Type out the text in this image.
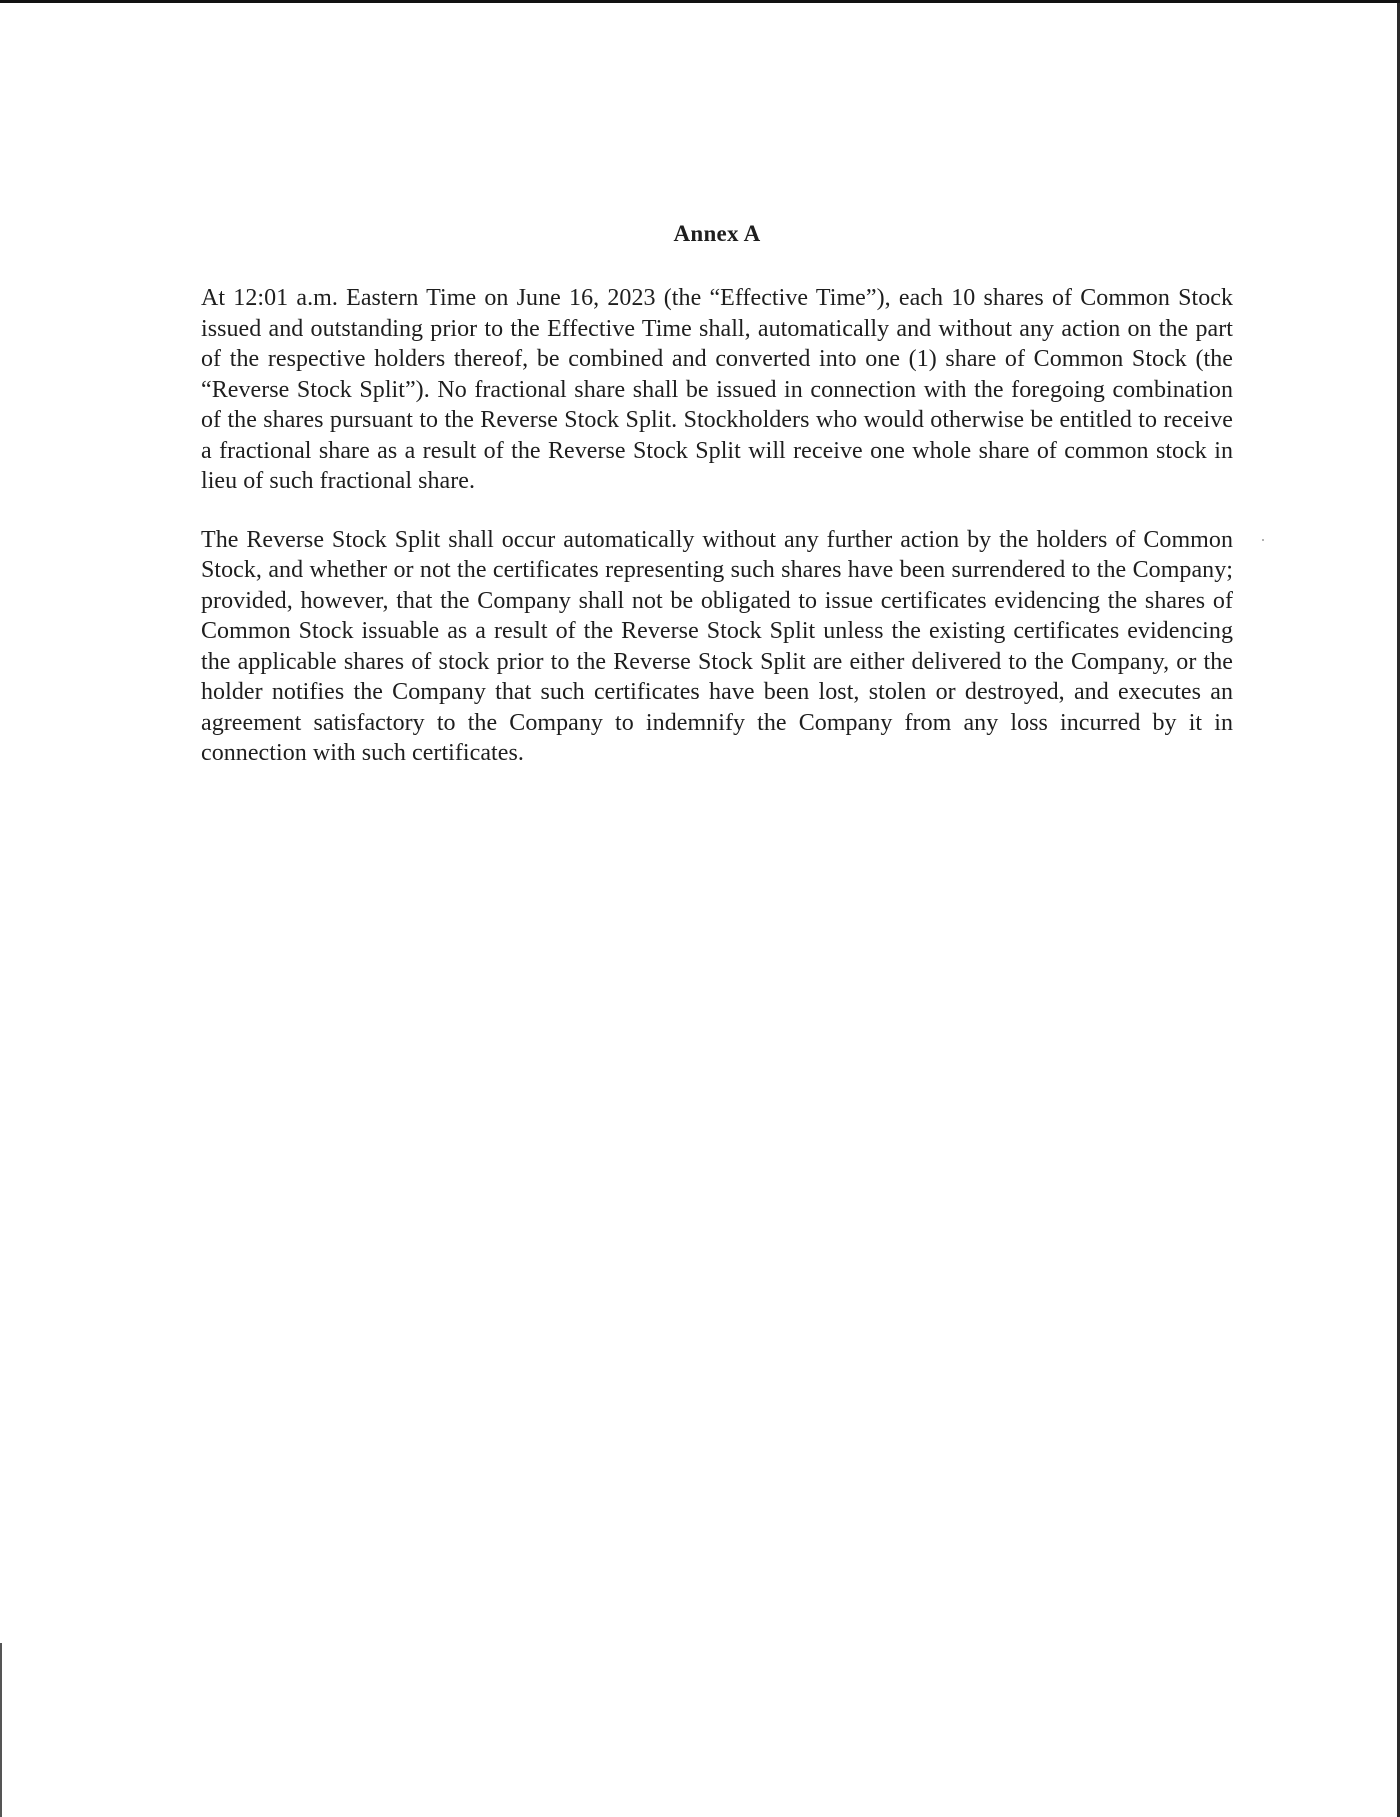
Annex A

At 12:01 a.m. Eastern Time on June 16, 2023 (the “Effective Time”), each 10 shares of Common Stock issued and outstanding prior to the Effective Time shall, automatically and without any action on the part of the respective holders thereof, be combined and converted into one (1) share of Common Stock (the “Reverse Stock Split”). No fractional share shall be issued in connection with the foregoing combination of the shares pursuant to the Reverse Stock Split. Stockholders who would otherwise be entitled to receive a fractional share as a result of the Reverse Stock Split will receive one whole share of common stock in lieu of such fractional share.

The Reverse Stock Split shall occur automatically without any further action by the holders of Common Stock, and whether or not the certificates representing such shares have been surrendered to the Company; provided, however, that the Company shall not be obligated to issue certificates evidencing the shares of Common Stock issuable as a result of the Reverse Stock Split unless the existing certificates evidencing the applicable shares of stock prior to the Reverse Stock Split are either delivered to the Company, or the holder notifies the Company that such certificates have been lost, stolen or destroyed, and executes an agreement satisfactory to the Company to indemnify the Company from any loss incurred by it in connection with such certificates.
